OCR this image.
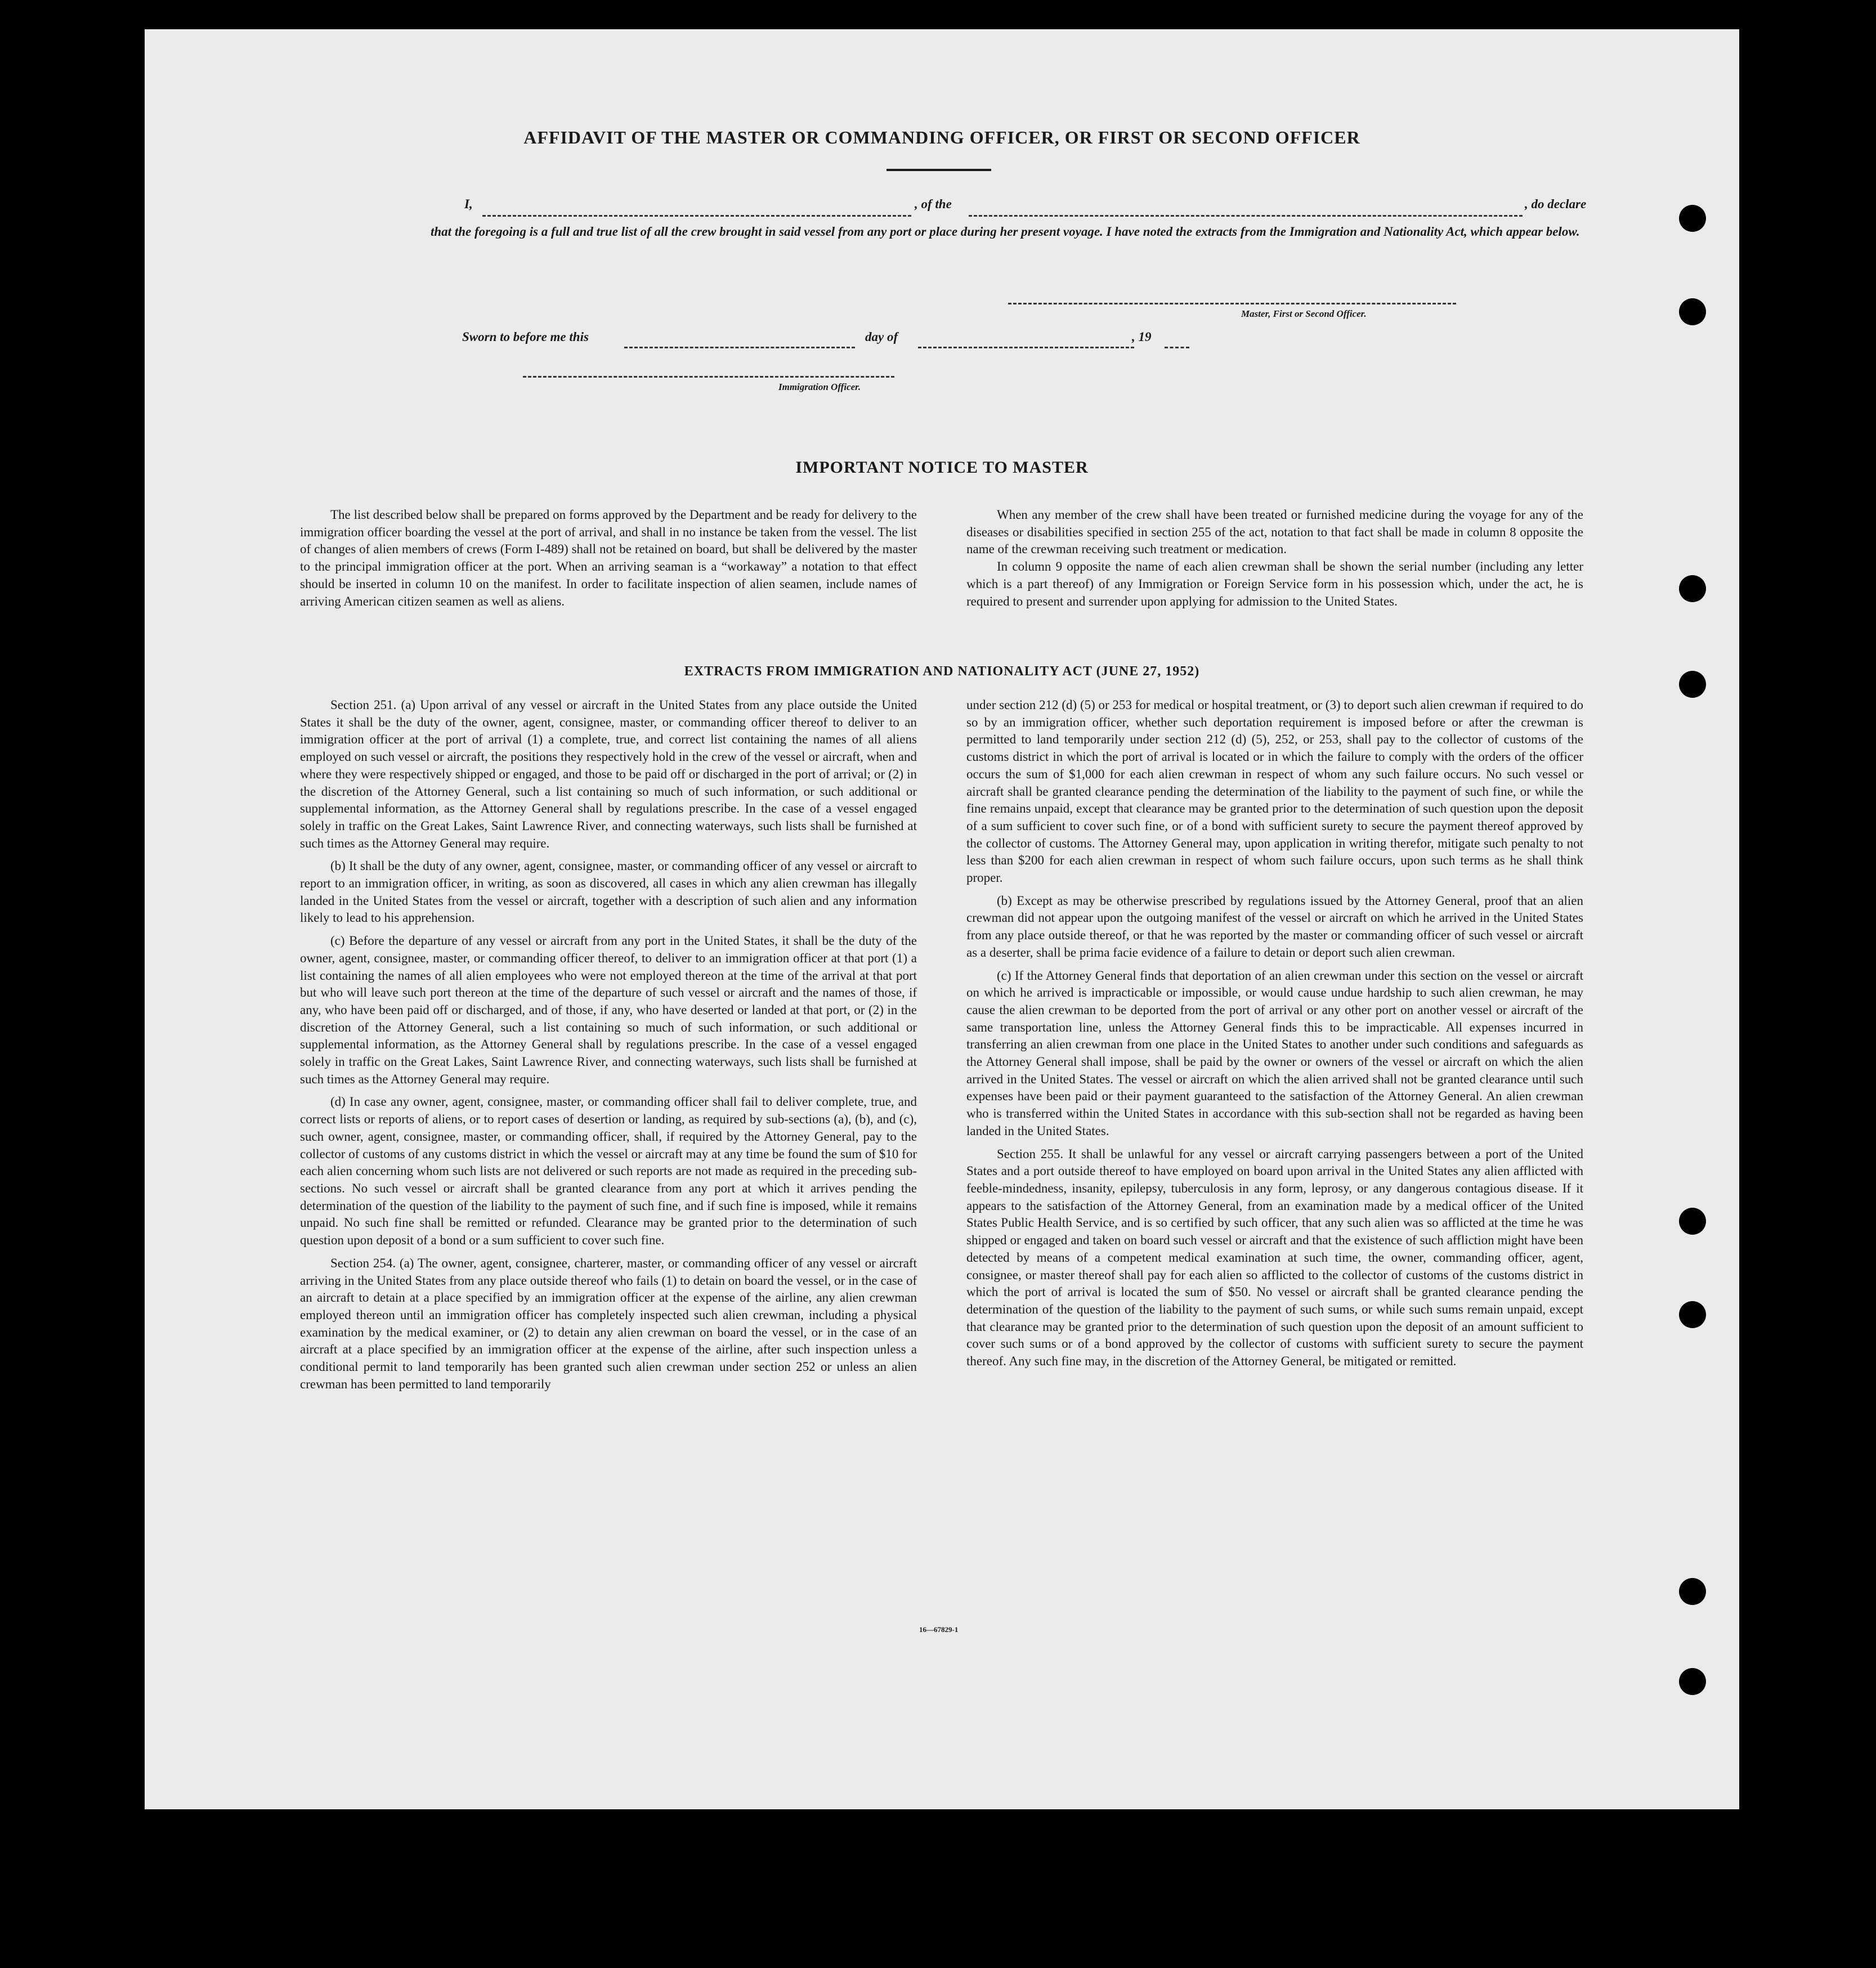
AFFIDAVIT OF THE MASTER OR COMMANDING OFFICER, OR FIRST OR SECOND OFFICER
I,	, of the	, do declare
that the foregoing is a full and true list of all the crew brought in said vessel from any port or place during her present voyage. I have noted the extracts from the Immigration and Nationality Act, which appear below.
Master, First or Second Officer.
Sworn to before me this	day of	, 19
Immigration Officer.
IMPORTANT NOTICE TO MASTER

The list described below shall be prepared on forms approved by the Department and be ready for delivery to the immigration officer boarding the vessel at the port of arrival, and shall in no instance be taken from the vessel. The list of changes of alien members of crews (Form I-489) shall not be retained on board, but shall be delivered by the master to the principal immigration officer at the port. When an arriving seaman is a “workaway” a notation to that effect should be inserted in column 10 on the manifest. In order to facilitate inspection of alien seamen, include names of arriving American citizen seamen as well as aliens.

When any member of the crew shall have been treated or furnished medicine during the voyage for any of the diseases or disabilities specified in section 255 of the act, notation to that fact shall be made in column 8 opposite the name of the crewman receiving such treatment or medication.

In column 9 opposite the name of each alien crewman shall be shown the serial number (including any letter which is a part thereof) of any Immigration or Foreign Service form in his possession which, under the act, he is required to present and surrender upon applying for admission to the United States.

EXTRACTS FROM IMMIGRATION AND NATIONALITY ACT (JUNE 27, 1952)

Section 251. (a) Upon arrival of any vessel or aircraft in the United States from any place outside the United States it shall be the duty of the owner, agent, consignee, master, or commanding officer thereof to deliver to an immigration officer at the port of arrival (1) a complete, true, and correct list containing the names of all aliens employed on such vessel or aircraft, the positions they respectively hold in the crew of the vessel or aircraft, when and where they were respectively shipped or engaged, and those to be paid off or discharged in the port of arrival; or (2) in the discretion of the Attorney General, such a list containing so much of such information, or such additional or supplemental information, as the Attorney General shall by regulations prescribe. In the case of a vessel engaged solely in traffic on the Great Lakes, Saint Lawrence River, and connecting waterways, such lists shall be furnished at such times as the Attorney General may require.

(b) It shall be the duty of any owner, agent, consignee, master, or commanding officer of any vessel or aircraft to report to an immigration officer, in writing, as soon as discovered, all cases in which any alien crewman has illegally landed in the United States from the vessel or aircraft, together with a description of such alien and any information likely to lead to his apprehension.

(c) Before the departure of any vessel or aircraft from any port in the United States, it shall be the duty of the owner, agent, consignee, master, or commanding officer thereof, to deliver to an immigration officer at that port (1) a list containing the names of all alien employees who were not employed thereon at the time of the arrival at that port but who will leave such port thereon at the time of the departure of such vessel or aircraft and the names of those, if any, who have been paid off or discharged, and of those, if any, who have deserted or landed at that port, or (2) in the discretion of the Attorney General, such a list containing so much of such information, or such additional or supplemental information, as the Attorney General shall by regulations prescribe. In the case of a vessel engaged solely in traffic on the Great Lakes, Saint Lawrence River, and connecting waterways, such lists shall be furnished at such times as the Attorney General may require.

(d) In case any owner, agent, consignee, master, or commanding officer shall fail to deliver complete, true, and correct lists or reports of aliens, or to report cases of desertion or landing, as required by sub-sections (a), (b), and (c), such owner, agent, consignee, master, or commanding officer, shall, if required by the Attorney General, pay to the collector of customs of any customs district in which the vessel or aircraft may at any time be found the sum of $10 for each alien concerning whom such lists are not delivered or such reports are not made as required in the preceding sub-sections. No such vessel or aircraft shall be granted clearance from any port at which it arrives pending the determination of the question of the liability to the payment of such fine, and if such fine is imposed, while it remains unpaid. No such fine shall be remitted or refunded. Clearance may be granted prior to the determination of such question upon deposit of a bond or a sum sufficient to cover such fine.

Section 254. (a) The owner, agent, consignee, charterer, master, or commanding officer of any vessel or aircraft arriving in the United States from any place outside thereof who fails (1) to detain on board the vessel, or in the case of an aircraft to detain at a place specified by an immigration officer at the expense of the airline, any alien crewman employed thereon until an immigration officer has completely inspected such alien crewman, including a physical examination by the medical examiner, or (2) to detain any alien crewman on board the vessel, or in the case of an aircraft at a place specified by an immigration officer at the expense of the airline, after such inspection unless a conditional permit to land temporarily has been granted such alien crewman under section 252 or unless an alien crewman has been permitted to land temporarily

under section 212 (d) (5) or 253 for medical or hospital treatment, or (3) to deport such alien crewman if required to do so by an immigration officer, whether such deportation requirement is imposed before or after the crewman is permitted to land temporarily under section 212 (d) (5), 252, or 253, shall pay to the collector of customs of the customs district in which the port of arrival is located or in which the failure to comply with the orders of the officer occurs the sum of $1,000 for each alien crewman in respect of whom any such failure occurs. No such vessel or aircraft shall be granted clearance pending the determination of the liability to the payment of such fine, or while the fine remains unpaid, except that clearance may be granted prior to the determination of such question upon the deposit of a sum sufficient to cover such fine, or of a bond with sufficient surety to secure the payment thereof approved by the collector of customs. The Attorney General may, upon application in writing therefor, mitigate such penalty to not less than $200 for each alien crewman in respect of whom such failure occurs, upon such terms as he shall think proper.

(b) Except as may be otherwise prescribed by regulations issued by the Attorney General, proof that an alien crewman did not appear upon the outgoing manifest of the vessel or aircraft on which he arrived in the United States from any place outside thereof, or that he was reported by the master or commanding officer of such vessel or aircraft as a deserter, shall be prima facie evidence of a failure to detain or deport such alien crewman.

(c) If the Attorney General finds that deportation of an alien crewman under this section on the vessel or aircraft on which he arrived is impracticable or impossible, or would cause undue hardship to such alien crewman, he may cause the alien crewman to be deported from the port of arrival or any other port on another vessel or aircraft of the same transportation line, unless the Attorney General finds this to be impracticable. All expenses incurred in transferring an alien crewman from one place in the United States to another under such conditions and safeguards as the Attorney General shall impose, shall be paid by the owner or owners of the vessel or aircraft on which the alien arrived in the United States. The vessel or aircraft on which the alien arrived shall not be granted clearance until such expenses have been paid or their payment guaranteed to the satisfaction of the Attorney General. An alien crewman who is transferred within the United States in accordance with this sub-section shall not be regarded as having been landed in the United States.

Section 255. It shall be unlawful for any vessel or aircraft carrying passengers between a port of the United States and a port outside thereof to have employed on board upon arrival in the United States any alien afflicted with feeble-mindedness, insanity, epilepsy, tuberculosis in any form, leprosy, or any dangerous contagious disease. If it appears to the satisfaction of the Attorney General, from an examination made by a medical officer of the United States Public Health Service, and is so certified by such officer, that any such alien was so afflicted at the time he was shipped or engaged and taken on board such vessel or aircraft and that the existence of such affliction might have been detected by means of a competent medical examination at such time, the owner, commanding officer, agent, consignee, or master thereof shall pay for each alien so afflicted to the collector of customs of the customs district in which the port of arrival is located the sum of $50. No vessel or aircraft shall be granted clearance pending the determination of the question of the liability to the payment of such sums, or while such sums remain unpaid, except that clearance may be granted prior to the determination of such question upon the deposit of an amount sufficient to cover such sums or of a bond approved by the collector of customs with sufficient surety to secure the payment thereof. Any such fine may, in the discretion of the Attorney General, be mitigated or remitted.

16—67829-1
